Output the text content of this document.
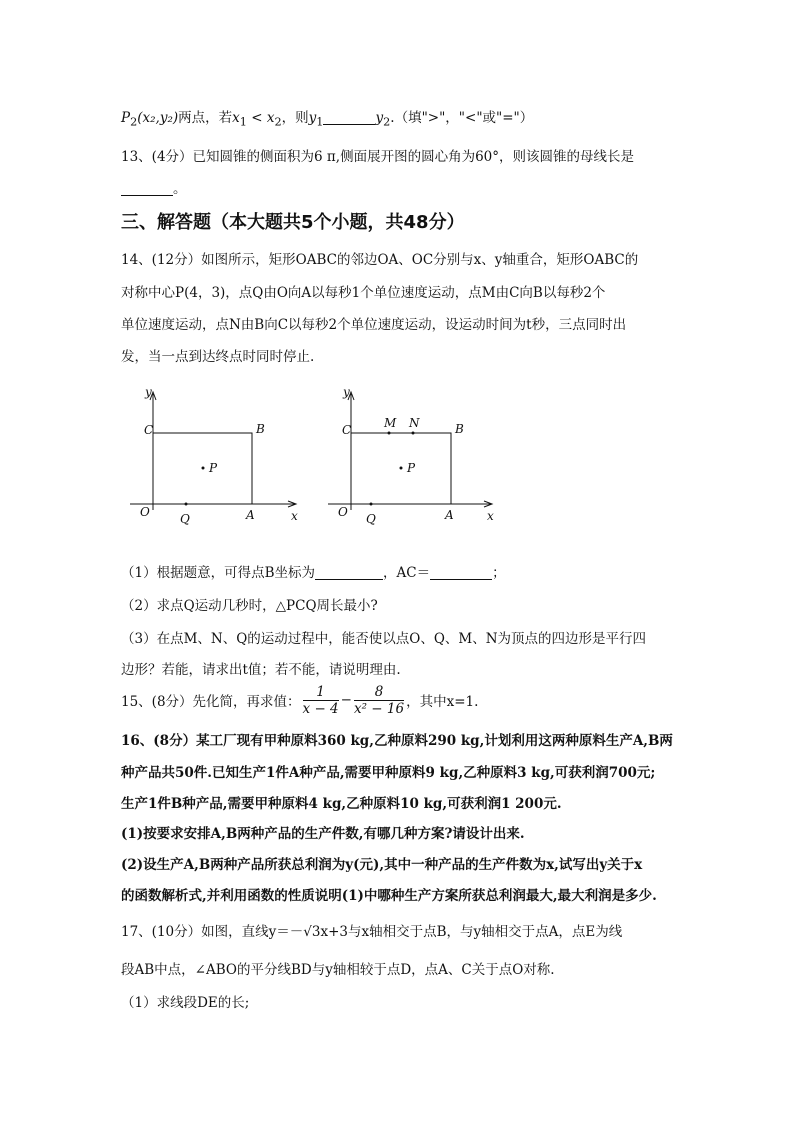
$P_2(x_2,y_2)$两点，若$x_1 < x_2$，则$y_1$	$y_2$.（填">"，"<"或"="）
13、(4分）已知圆锥的侧面积为6 π,侧面展开图的圆心角为60°，则该圆锥的母线长是
。
三、解答题（本大题共5个小题，共48分）
14、(12分）如图所示，矩形OABC的邻边OA、OC分别与x、y轴重合，矩形OABC的
对称中心P(4，3)，点Q由O向A以每秒1个单位速度运动，点M由C向B以每秒2个
单位速度运动，点N由B向C以每秒2个单位速度运动，设运动时间为t秒，三点同时出
发，当一点到达终点时同时停止.
y
C	B
P
O	Q	A	x
y
C	M N	B
P
O Q	A	x
（1）根据题意，可得点B坐标为	，AC＝	；
（2）求点Q运动几秒时，△PCQ周长最小?
（3）在点M、N、Q的运动过程中，能否使以点O、Q、M、N为顶点的四边形是平行四
边形？若能，请求出t值；若不能，请说明理由.
15、(8分）先化简，再求值： $\frac{1}{x - 4} - \frac{8}{\text{x² − 16}}$ ，其中x=1.
16、(8分）某工厂现有甲种原料360 kg,乙种原料290 kg,计划利用这两种原料生产A,B两
种产品共50件.已知生产1件A种产品,需要甲种原料9 kg,乙种原料3 kg,可获利润700元;
生产1件B种产品,需要甲种原料4 kg,乙种原料10 kg,可获利润1 200元.
(1)按要求安排A,B两种产品的生产件数,有哪几种方案?请设计出来.
(2)设生产A,B两种产品所获总利润为y(元),其中一种产品的生产件数为x,试写出y关于x
的函数解析式,并利用函数的性质说明(1)中哪种生产方案所获总利润最大,最大利润是多少.
17、(10分）如图，直线y＝－√3x+3与x轴相交于点B，与y轴相交于点A，点E为线
段AB中点，∠ABO的平分线BD与y轴相较于点D，点A、C关于点O对称.
（1）求线段DE的长;
